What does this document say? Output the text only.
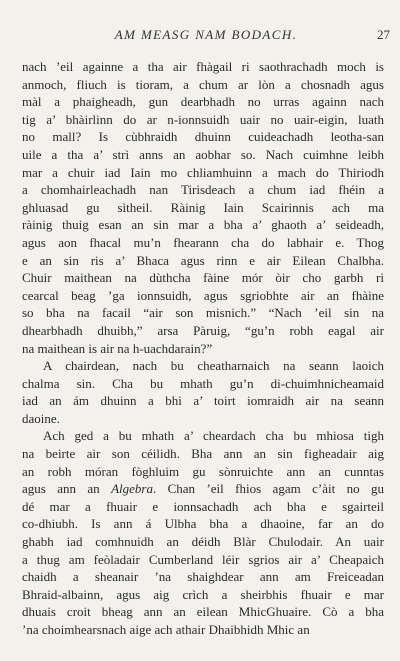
AM MEASG NAM BODACH.	27
nach ’eil againne a tha air fhàgail ri saothrachadh moch is
anmoch, fliuch is tioram, a chum ar lòn a chosnadh agus
màl a phaigheadh, gun dearbhadh no urras againn nach
tig a’ bhàirlinn do ar n-ionnsuidh uair no uair-eigin, luath
no mall? Is cùbhraidh dhuinn cuideachadh leotha-san
uile a tha a’ strì anns an aobhar so. Nach cuimhne leibh
mar a chuir iad Iain mo chliamhuinn a mach do Thiriodh
a chomhairleachadh nan Tirisdeach a chum iad fhéin a
ghluasad gu sìtheil. Ràinig Iain Scairinnis ach ma
ràinig thuig esan an sin mar a bha a’ ghaoth a’ seideadh,
agus aon fhacal mu’n fhearann cha do labhair e. Thog
e an sin ris a’ Bhaca agus rinn e air Eilean Chalbha.
Chuir maithean na dùthcha fàine mór òir cho garbh ri
cearcal beag ’ga ionnsuidh, agus sgriobhte air an fhàine
so bha na facail “air son misnich.” “Nach ’eil sin na
dhearbhadh dhuibh,” arsa Pàruig, “gu’n robh eagal air
na maithean is air na h-uachdarain?”
A chairdean, nach bu cheatharnaich na seann laoich
chalma sin. Cha bu mhath gu’n di-chuimhnicheamaid
iad an ám dhuinn a bhi a’ toirt iomraidh air na seann
daoine.
Ach ged a bu mhath a’ cheardach cha bu mhiosa tigh
na beirte air son céilidh. Bha ann an sin figheadair aig
an robh móran fòghluim gu sònruichte ann an cunntas
agus ann an Algebra. Chan ’eil fhios agam c’àit no gu
dé mar a fhuair e ionnsachadh ach bha e sgairteil
co-dhiubh. Is ann á Ulbha bha a dhaoine, far an do
ghabh iad comhnuidh an déidh Blàr Chulodair. An uair
a thug am feòladair Cumberland léir sgrios air a’ Cheapaich
chaidh a sheanair ’na shaighdear ann am Freiceadan
Bhraid-albainn, agus aig crìch a sheirbhis fhuair e mar
dhuais croit bheag ann an eilean MhicGhuaire. Cò a bha
’na choimhearsnach aige ach athair Dhaibhidh Mhic an
